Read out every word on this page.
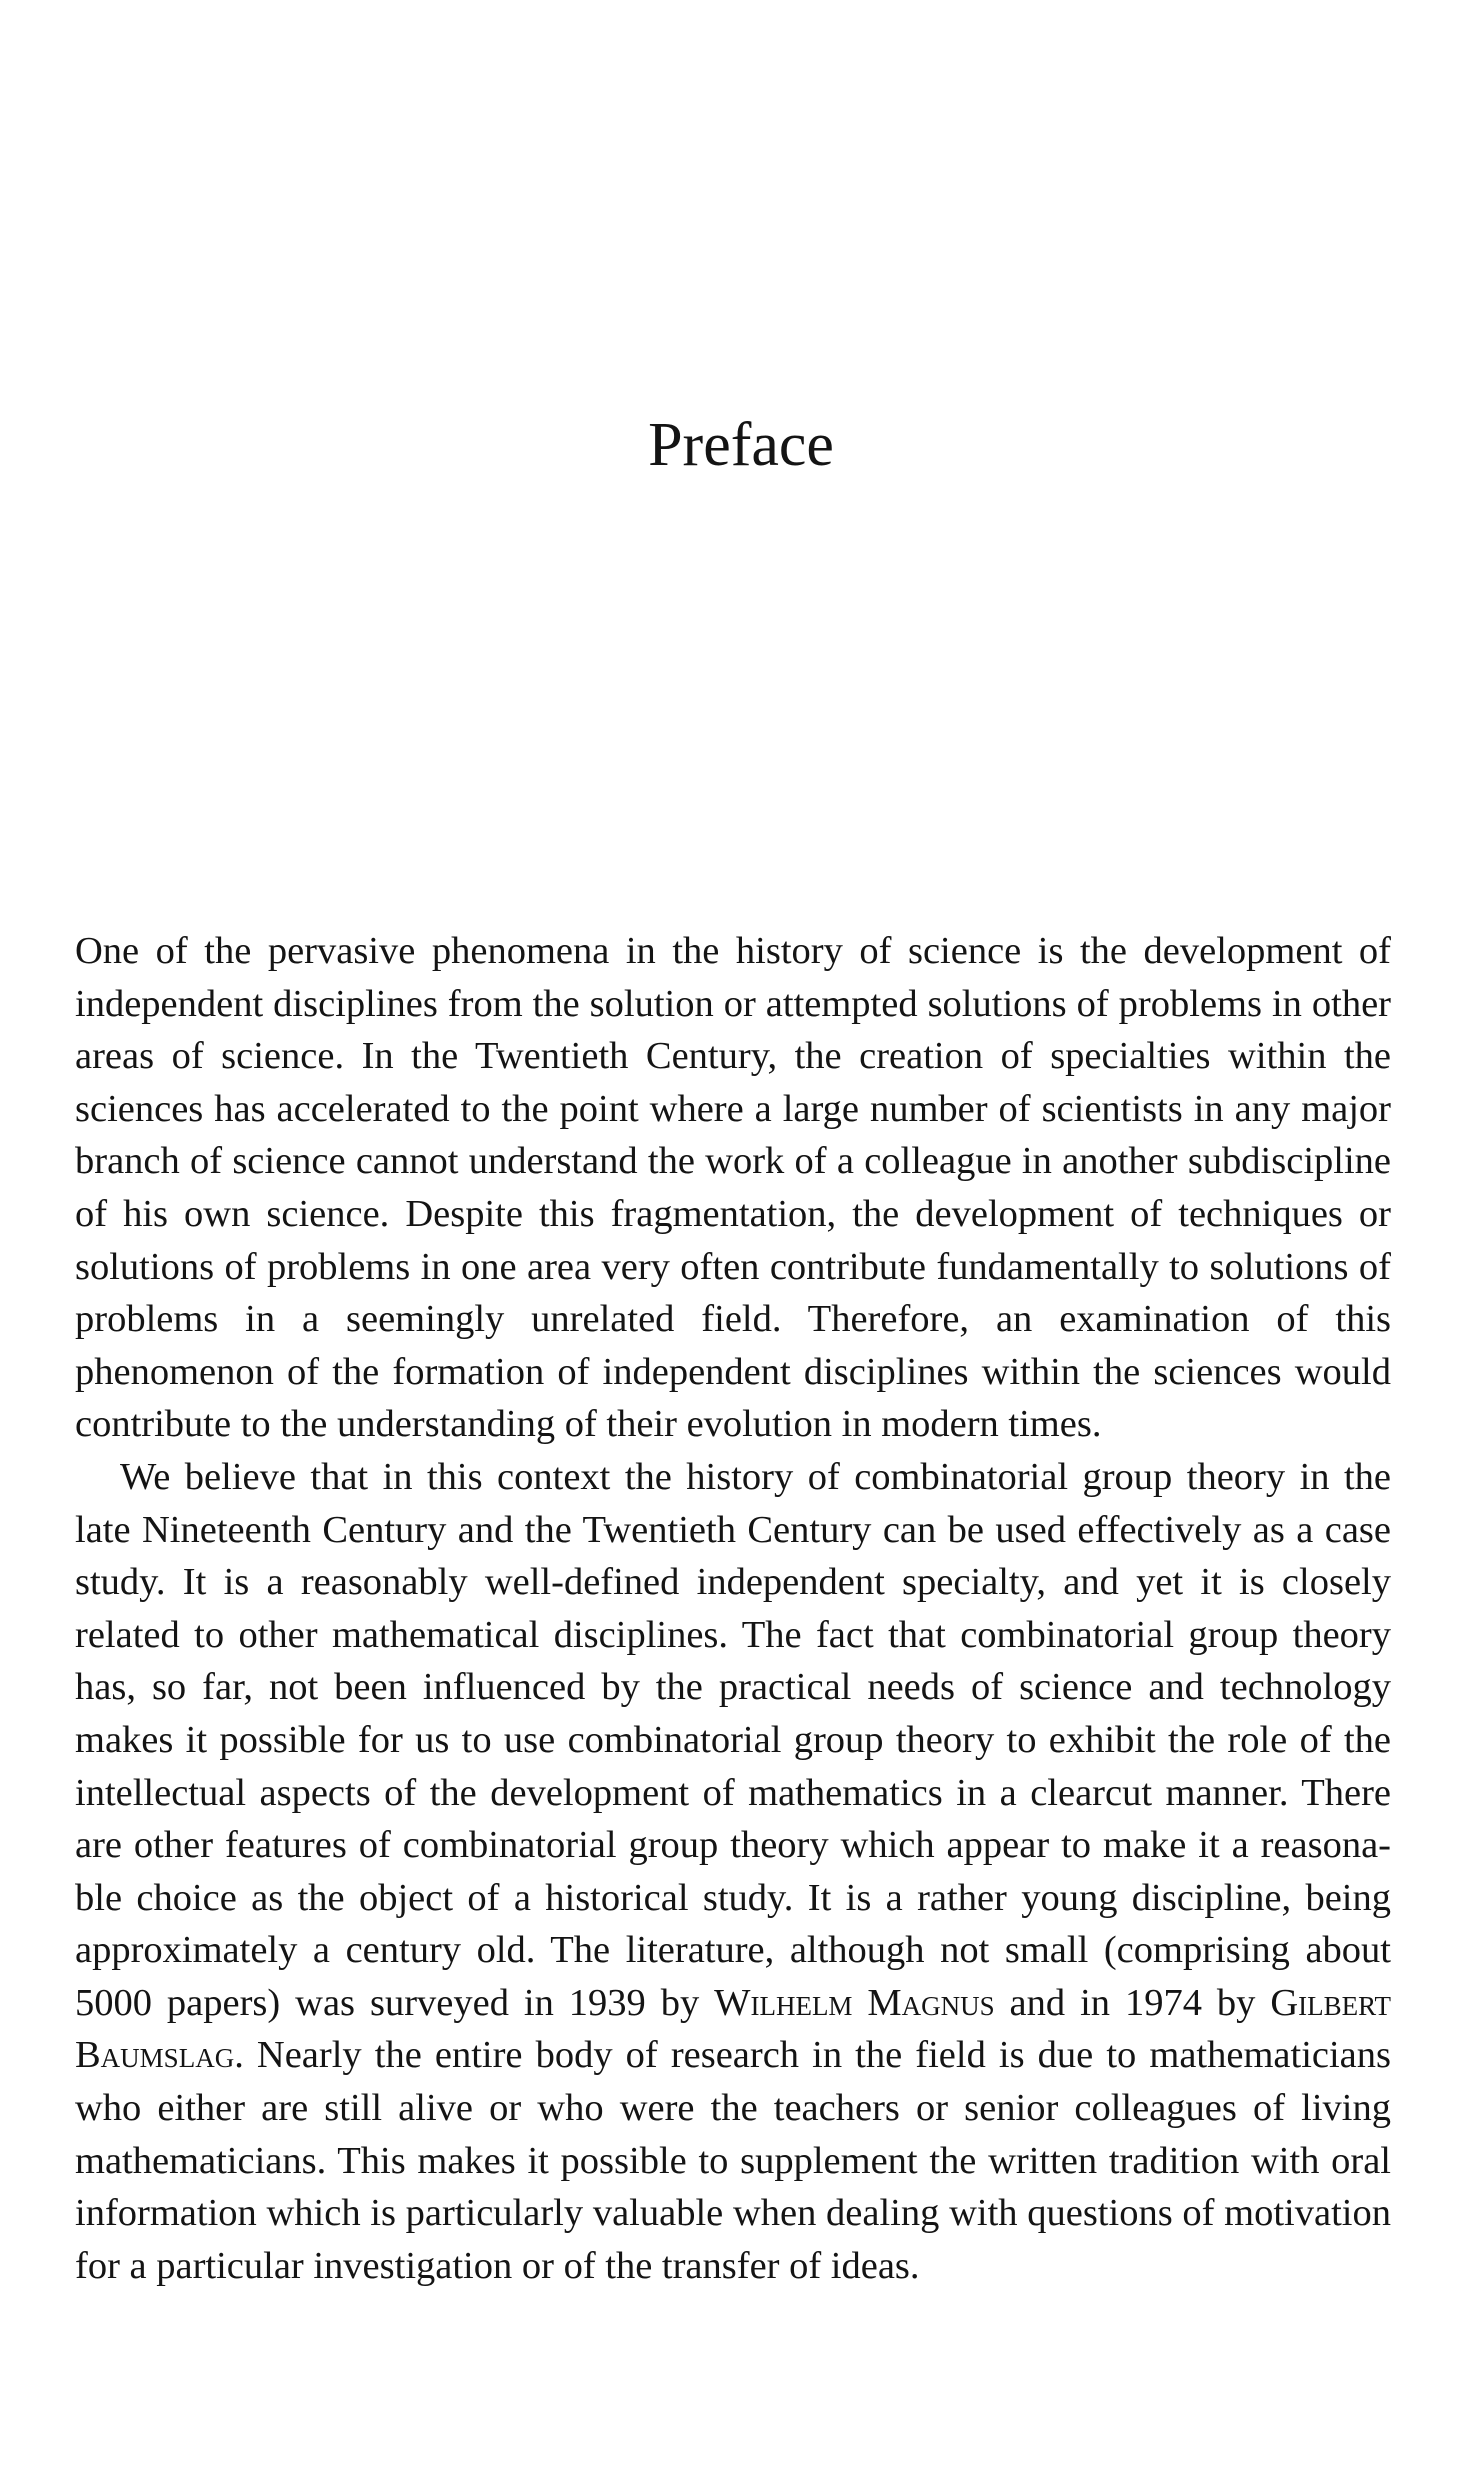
Preface

One of the pervasive phenomena in the history of science is the development of independent disciplines from the solution or attempted solutions of problems in other areas of science. In the Twentieth Century, the creation of specialties within the sciences has accelerated to the point where a large number of scientists in any major branch of science cannot understand the work of a colleague in another subdiscipline of his own science. Despite this fragmentation, the development of techniques or solutions of problems in one area very often contribute fundamentally to solutions of problems in a seemingly unrelated field. Therefore, an examination of this phenomenon of the formation of independent disciplines within the sciences would contribute to the understanding of their evolution in modern times.

We believe that in this context the history of combinatorial group theory in the late Nineteenth Century and the Twentieth Century can be used effectively as a case study. It is a reasonably well-defined independent specialty, and yet it is closely related to other mathematical disciplines. The fact that combinatorial group theory has, so far, not been influenced by the practical needs of science and technology makes it possible for us to use combinatorial group theory to exhibit the role of the intellectual aspects of the development of mathematics in a clearcut manner. There are other features of combinatorial group theory which appear to make it a reasonable choice as the object of a historical study. It is a rather young discipline, being approximately a century old. The literature, although not small (comprising about 5000 papers) was surveyed in 1939 by Wilhelm Magnus and in 1974 by Gilbert Baumslag. Nearly the entire body of research in the field is due to mathematicians who either are still alive or who were the teachers or senior colleagues of living mathematicians. This makes it possible to supplement the written tradition with oral information which is particularly valuable when dealing with questions of motivation for a particular investigation or of the transfer of ideas.
